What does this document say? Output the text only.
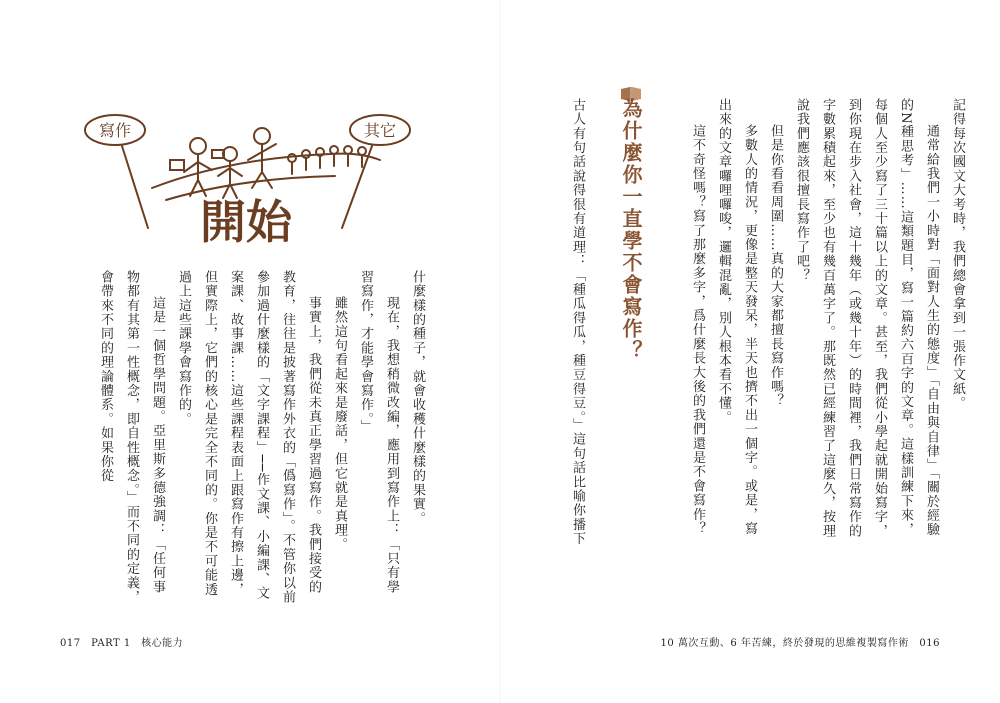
記得每次國文大考時，我們總會拿到一張作文紙。

通常給我們一小時對「面對人生的態度」「自由與自律」「關於經驗的N種思考」……這類題目，寫一篇約六百字的文章。這樣訓練下來，每個人至少寫了三十篇以上的文章。甚至，我們從小學起就開始寫字，到你現在步入社會，這十幾年（或幾十年）的時間裡，我們日常寫作的字數累積起來，至少也有幾百萬字了。那既然已經練習了這麼久，按理說我們應該很擅長寫作了吧？

但是你看看周圍……真的大家都擅長寫作嗎？

多數人的情況，更像是整天發呆，半天也擠不出一個字。或是，寫出來的文章囉哩囉唆，邏輯混亂，別人根本看不懂。

這不奇怪嗎？寫了那麼多字，爲什麼長大後的我們還是不會寫作？

為什麼你一直學不會寫作？

古人有句話說得很有道理：「種瓜得瓜，種豆得豆。」這句話比喻你播下

10 萬次互動、6 年苦練，終於發現的思維複製寫作術　016
寫作	其它
開始

什麼樣的種子，就會收穫什麼樣的果實。

現在，我想稍微改編，應用到寫作上：「只有學習寫作，才能學會寫作。」

雖然這句看起來是廢話，但它就是真理。

事實上，我們從未真正學習過寫作。我們接受的教育，往往是披著寫作外衣的「僞寫作」。不管你以前參加過什麼樣的「文字課程」──作文課、小編課、文案課、故事課……這些課程表面上跟寫作有擦上邊，但實際上，它們的核心是完全不同的。你是不可能透過上這些課學會寫作的。

這是一個哲學問題。亞里斯多德強調：「任何事物都有其第一性概念，即自性概念。」而不同的定義，會帶來不同的理論體系。如果你從

017　PART 1　核心能力
